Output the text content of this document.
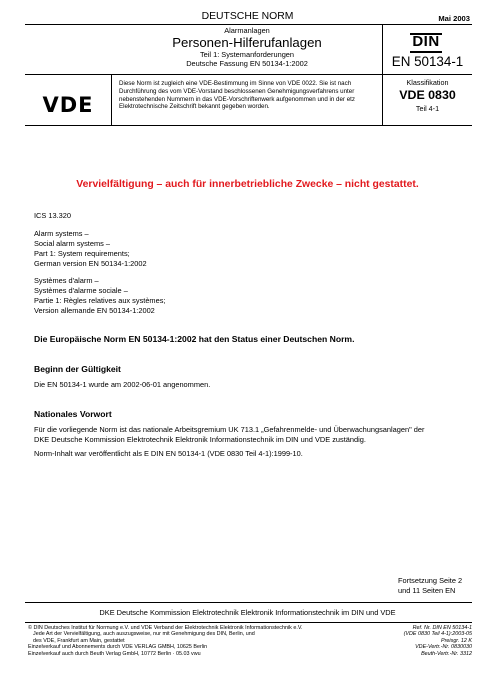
DEUTSCHE NORM	Mai 2003
Alarmanlagen
Personen-Hilferufanlagen
Teil 1: Systemanforderungen
Deutsche Fassung EN 50134-1:2002
DIN
EN 50134-1
VDE
Diese Norm ist zugleich eine VDE-Bestimmung im Sinne von VDE 0022. Sie ist nach
Durchführung des vom VDE-Vorstand beschlossenen Genehmigungsverfahrens unter
nebenstehenden Nummern in das VDE-Vorschriftenwerk aufgenommen und in der etz
Elektrotechnische Zeitschrift bekannt gegeben worden.
Klassifikation
VDE 0830
Teil 4-1
Vervielfältigung – auch für innerbetriebliche Zwecke – nicht gestattet.
ICS 13.320
Alarm systems –
Social alarm systems –
Part 1: System requirements;
German version EN 50134-1:2002
Systèmes d'alarm –
Systèmes d'alarme sociale –
Partie 1: Règles relatives aux systèmes;
Version allemande EN 50134-1:2002
Die Europäische Norm EN 50134-1:2002 hat den Status einer Deutschen Norm.
Beginn der Gültigkeit
Die EN 50134-1 wurde am 2002-06-01 angenommen.
Nationales Vorwort
Für die vorliegende Norm ist das nationale Arbeitsgremium UK 713.1 „Gefahrenmelde- und Überwachungsanlagen" der
DKE Deutsche Kommission Elektrotechnik Elektronik Informationstechnik im DIN und VDE zuständig.
Norm-Inhalt war veröffentlicht als E DIN EN 50134-1 (VDE 0830 Teil 4-1):1999-10.
Fortsetzung Seite 2
und 11 Seiten EN
DKE Deutsche Kommission Elektrotechnik Elektronik Informationstechnik im DIN und VDE
© DIN Deutsches Institut für Normung e.V. und VDE Verband der Elektrotechnik Elektronik Informationstechnik e.V.
Jede Art der Vervielfältigung, auch auszugsweise, nur mit Genehmigung des DIN, Berlin, und
des VDE, Frankfurt am Main, gestattet
Einzelverkauf und Abonnements durch VDE VERLAG GMBH, 10625 Berlin
Einzelverkauf auch durch Beuth Verlag GmbH, 10772 Berlin · 05.03 vwu
Ref. Nr. DIN EN 50134-1
(VDE 0830 Teil 4-1):2003-05
Preisgr. 12 K
VDE-Vertr.-Nr. 0830030
Beuth-Vertr.-Nr. 3312
